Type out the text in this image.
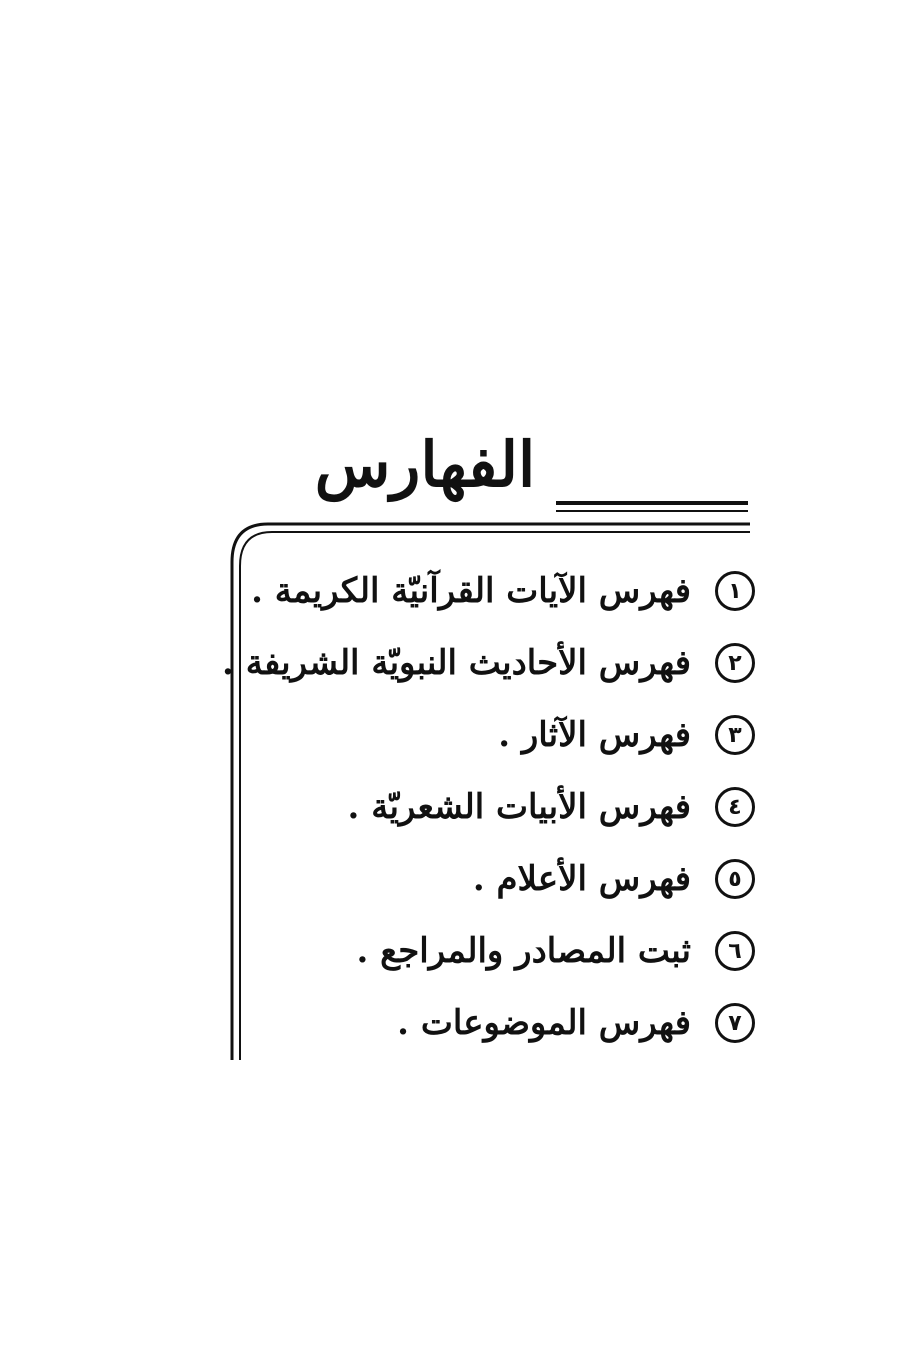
الفهارس
١
فهرس الآيات القرآنيّة الكريمة .
٢
فهرس الأحاديث النبويّة الشريفة .
٣
فهرس الآثار .
٤
فهرس الأبيات الشعريّة .
٥
فهرس الأعلام .
٦
ثبت المصادر والمراجع .
٧
فهرس الموضوعات .
